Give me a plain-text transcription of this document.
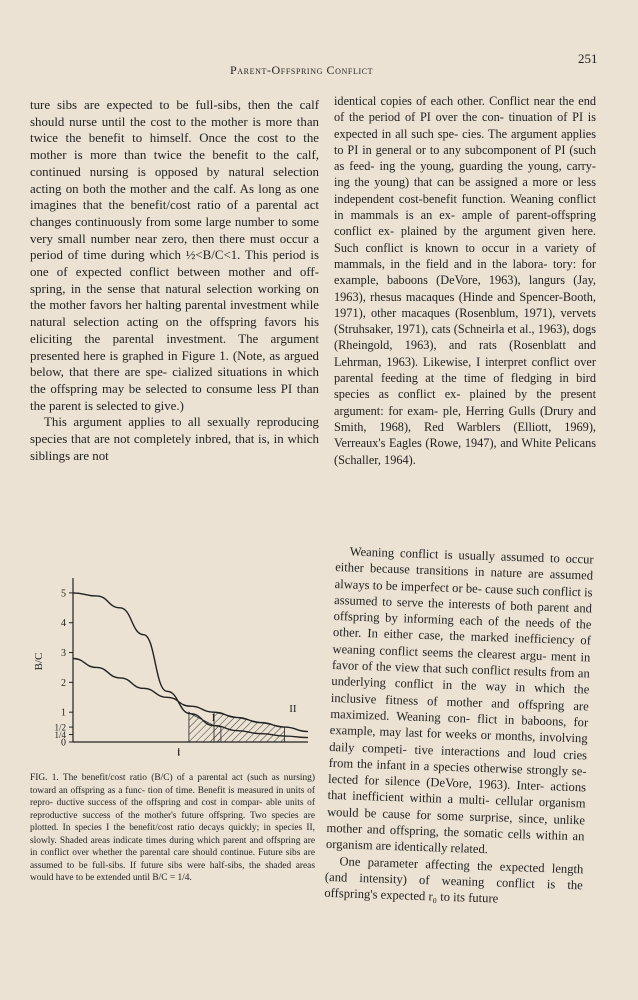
Parent-Offspring Conflict
251

ture sibs are expected to be full-sibs, then the calf should nurse until the cost to the mother is more than twice the benefit to himself. Once the cost to the mother is more than twice the benefit to the calf, continued nursing is opposed by natural selection acting on both the mother and the calf. As long as one imagines that the benefit/cost ratio of a parental act changes continuously from some large number to some very small number near zero, then there must occur a period of time during which ½<B/C<1. This period is one of expected conflict between mother and off- spring, in the sense that natural selection working on the mother favors her halting parental investment while natural selection acting on the offspring favors his eliciting the parental investment. The argument presented here is graphed in Figure 1. (Note, as argued below, that there are spe- cialized situations in which the offspring may be selected to consume less PI than the parent is selected to give.)

This argument applies to all sexually reproducing species that are not completely inbred, that is, in which siblings are not

identical copies of each other. Conflict near the end of the period of PI over the con- tinuation of PI is expected in all such spe- cies. The argument applies to PI in general or to any subcomponent of PI (such as feed- ing the young, guarding the young, carry- ing the young) that can be assigned a more or less independent cost-benefit function. Weaning conflict in mammals is an ex- ample of parent-offspring conflict ex- plained by the argument given here. Such conflict is known to occur in a variety of mammals, in the field and in the labora- tory: for example, baboons (DeVore, 1963), langurs (Jay, 1963), rhesus macaques (Hinde and Spencer-Booth, 1971), other macaques (Rosenblum, 1971), vervets (Struhsaker, 1971), cats (Schneirla et al., 1963), dogs (Rheingold, 1963), and rats (Rosenblatt and Lehrman, 1963). Likewise, I interpret conflict over parental feeding at the time of fledging in bird species as conflict ex- plained by the present argument: for exam- ple, Herring Gulls (Drury and Smith, 1968), Red Warblers (Elliott, 1969), Verreaux's Eagles (Rowe, 1947), and White Pelicans (Schaller, 1964).

Weaning conflict is usually assumed to occur either because transitions in nature are assumed always to be imperfect or be- cause such conflict is assumed to serve the interests of both parent and offspring by informing each of the needs of the other. In either case, the marked inefficiency of weaning conflict seems the clearest argu- ment in favor of the view that such conflict results from an underlying conflict in the way in which the inclusive fitness of mother and offspring are maximized. Weaning con- flict in baboons, for example, may last for weeks or months, involving daily competi- tive interactions and loud cries from the infant in a species otherwise strongly se- lected for silence (DeVore, 1963). Inter- actions that inefficient within a multi- cellular organism would be cause for some surprise, since, unlike mother and offspring, the somatic cells within an organism are identically related.

One parameter affecting the expected length (and intensity) of weaning conflict is the offspring's expected r₀ to its future

5
4
3
2
1
1/2
1/4
0
B/C
I
II
t
FIG. 1. The benefit/cost ratio (B/C) of a parental act (such as nursing) toward an offspring as a func- tion of time. Benefit is measured in units of repro- ductive success of the offspring and cost in compar- able units of reproductive success of the mother's future offspring. Two species are plotted. In species I the benefit/cost ratio decays quickly; in species II, slowly. Shaded areas indicate times during which parent and offspring are in conflict over whether the parental care should continue. Future sibs are assumed to be full-sibs. If future sibs were half-sibs, the shaded areas would have to be extended until B/C = 1/4.
